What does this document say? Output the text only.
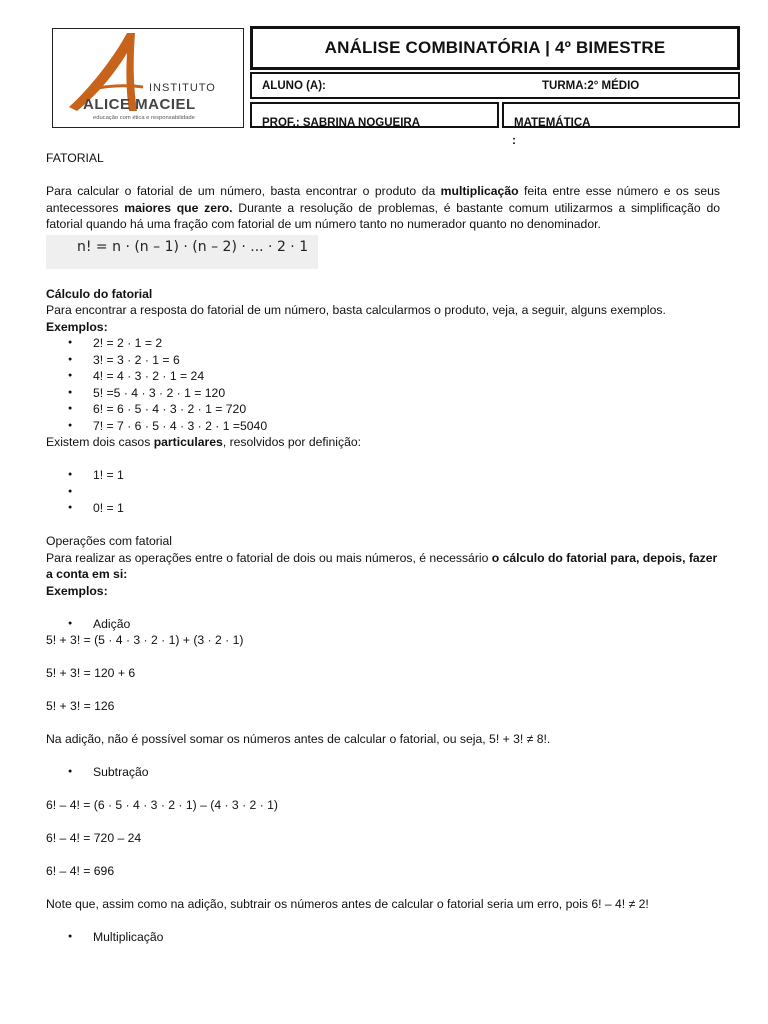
INSTITUTO
ALICE MACIEL
educação com ética e responsabilidade
ANÁLISE COMBINATÓRIA | 4º BIMESTRE
ALUNO (A):	TURMA:2° MÉDIO
PROF.: SABRINA NOGUEIRA	MATEMÁTICA
:

FATORIAL

Para calcular o fatorial de um número, basta encontrar o produto da multiplicação feita entre esse número e os seus antecessores maiores que zero. Durante a resolução de problemas, é bastante comum utilizarmos a simplificação do fatorial quando há uma fração com fatorial de um número tanto no numerador quanto no denominador.

n! = n · (n – 1) · (n – 2) · ... · 2 · 1

Cálculo do fatorial

Para encontrar a resposta do fatorial de um número, basta calcularmos o produto, veja, a seguir, alguns exemplos.

Exemplos:

● 2! = 2 · 1 = 2
● 3! = 3 · 2 · 1 = 6
● 4! = 4 · 3 · 2 · 1 = 24
● 5! =5 · 4 · 3 · 2 · 1 = 120
● 6! = 6 · 5 · 4 · 3 · 2 · 1 = 720
● 7! = 7 · 6 · 5 · 4 · 3 · 2 · 1 =5040

Existem dois casos particulares, resolvidos por definição:

● 1! = 1
●
● 0! = 1

Operações com fatorial

Para realizar as operações entre o fatorial de dois ou mais números, é necessário o cálculo do fatorial para, depois, fazer a conta em si:

Exemplos:

● Adição

5! + 3! = (5 · 4 · 3 · 2 · 1) + (3 · 2 · 1)

5! + 3! = 120 + 6

5! + 3! = 126

Na adição, não é possível somar os números antes de calcular o fatorial, ou seja, 5! + 3! ≠ 8!.

● Subtração

6! – 4! = (6 · 5 · 4 · 3 · 2 · 1) – (4 · 3 · 2 · 1)

6! – 4! = 720 – 24

6! – 4! = 696

Note que, assim como na adição, subtrair os números antes de calcular o fatorial seria um erro, pois 6! – 4! ≠ 2!

● Multiplicação
